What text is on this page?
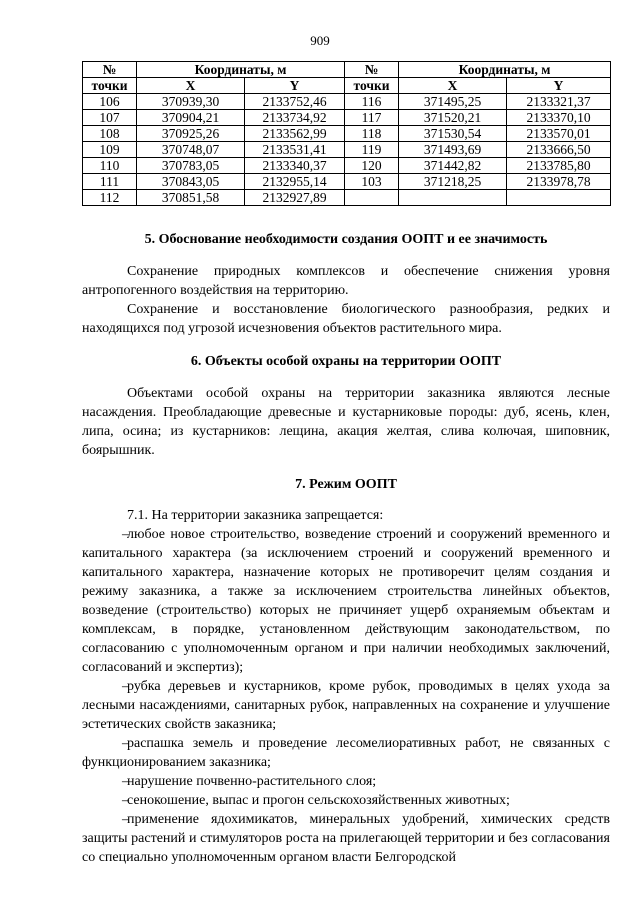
909
№	Координаты, м		№	Координаты, м	
точки	X	Y	точки	X	Y
106	370939,30	2133752,46	116	371495,25	2133321,37
107	370904,21	2133734,92	117	371520,21	2133370,10
108	370925,26	2133562,99	118	371530,54	2133570,01
109	370748,07	2133531,41	119	371493,69	2133666,50
110	370783,05	2133340,37	120	371442,82	2133785,80
111	370843,05	2132955,14	103	371218,25	2133978,78
112	370851,58	2132927,89			

5. Обоснование необходимости создания ООПТ и ее значимость

Сохранение природных комплексов и обеспечение снижения уровня антропогенного воздействия на территорию.

Сохранение и восстановление биологического разнообразия, редких и находящихся под угрозой исчезновения объектов растительного мира.

6. Объекты особой охраны на территории ООПТ

Объектами особой охраны на территории заказника являются лесные насаждения. Преобладающие древесные и кустарниковые породы: дуб, ясень, клен, липа, осина; из кустарников: лещина, акация желтая, слива колючая, шиповник, боярышник.

7. Режим ООПТ

7.1. На территории заказника запрещается:

–
любое новое строительство, возведение строений и сооружений временного и капитального характера (за исключением строений и сооружений временного и капитального характера, назначение которых не противоречит целям создания и режиму заказника, а также за исключением строительства линейных объектов, возведение (строительство) которых не причиняет ущерб охраняемым объектам и комплексам, в порядке, установленном действующим законодательством, по согласованию с уполномоченным органом и при наличии необходимых заключений, согласований и экспертиз);

–
рубка деревьев и кустарников, кроме рубок, проводимых в целях ухода за лесными насаждениями, санитарных рубок, направленных на сохранение и улучшение эстетических свойств заказника;

–
распашка земель и проведение лесомелиоративных работ, не связанных с функционированием заказника;

–
нарушение почвенно-растительного слоя;

–
сенокошение, выпас и прогон сельскохозяйственных животных;

–
применение ядохимикатов, минеральных удобрений, химических средств защиты растений и стимуляторов роста на прилегающей территории и без согласования со специально уполномоченным органом власти Белгородской
